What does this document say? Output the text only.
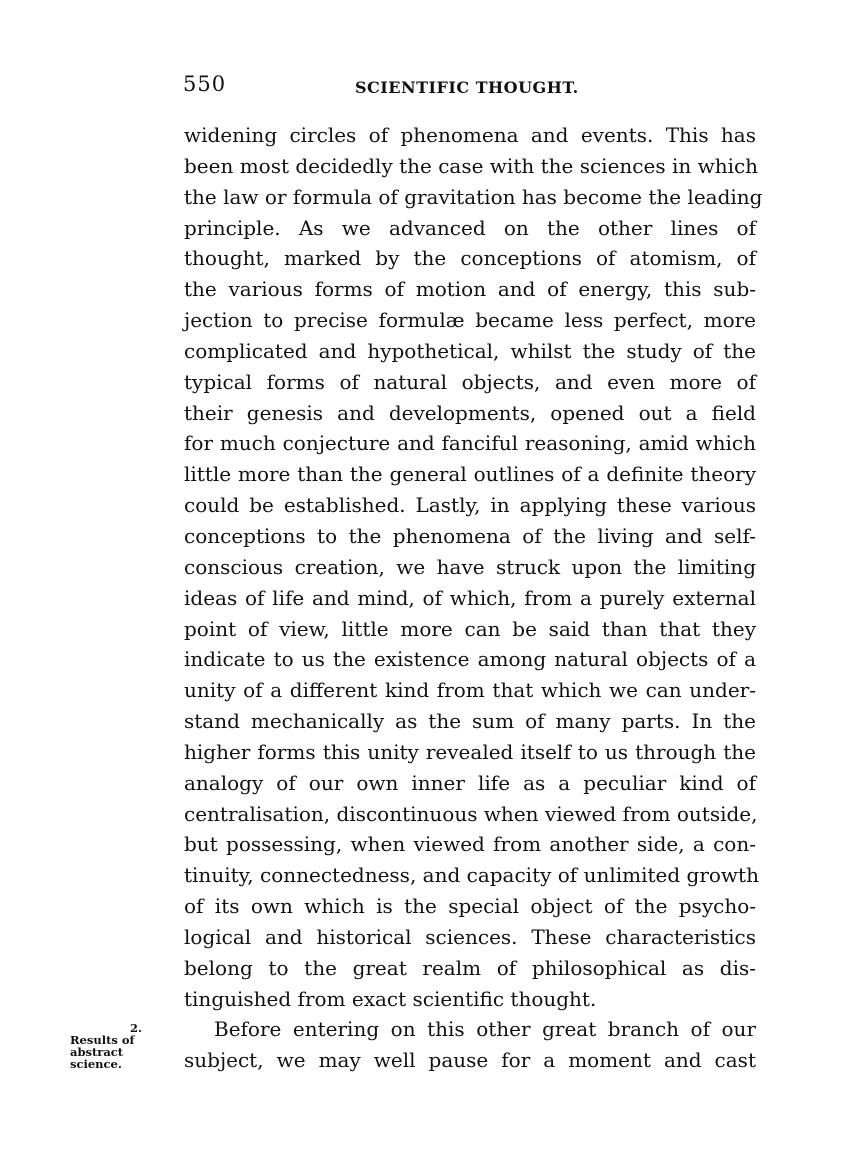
550	SCIENTIFIC THOUGHT.
widening circles of phenomena and events. This has
been most decidedly the case with the sciences in which
the law or formula of gravitation has become the leading
principle. As we advanced on the other lines of
thought, marked by the conceptions of atomism, of
the various forms of motion and of energy, this sub-
jection to precise formulæ became less perfect, more
complicated and hypothetical, whilst the study of the
typical forms of natural objects, and even more of
their genesis and developments, opened out a field
for much conjecture and fanciful reasoning, amid which
little more than the general outlines of a definite theory
could be established. Lastly, in applying these various
conceptions to the phenomena of the living and self-
conscious creation, we have struck upon the limiting
ideas of life and mind, of which, from a purely external
point of view, little more can be said than that they
indicate to us the existence among natural objects of a
unity of a different kind from that which we can under-
stand mechanically as the sum of many parts. In the
higher forms this unity revealed itself to us through the
analogy of our own inner life as a peculiar kind of
centralisation, discontinuous when viewed from outside,
but possessing, when viewed from another side, a con-
tinuity, connectedness, and capacity of unlimited growth
of its own which is the special object of the psycho-
logical and historical sciences. These characteristics
belong to the great realm of philosophical as dis-
tinguished from exact scientific thought.
Before entering on this other great branch of our
subject, we may well pause for a moment and cast
2.
Results of
abstract
science.
